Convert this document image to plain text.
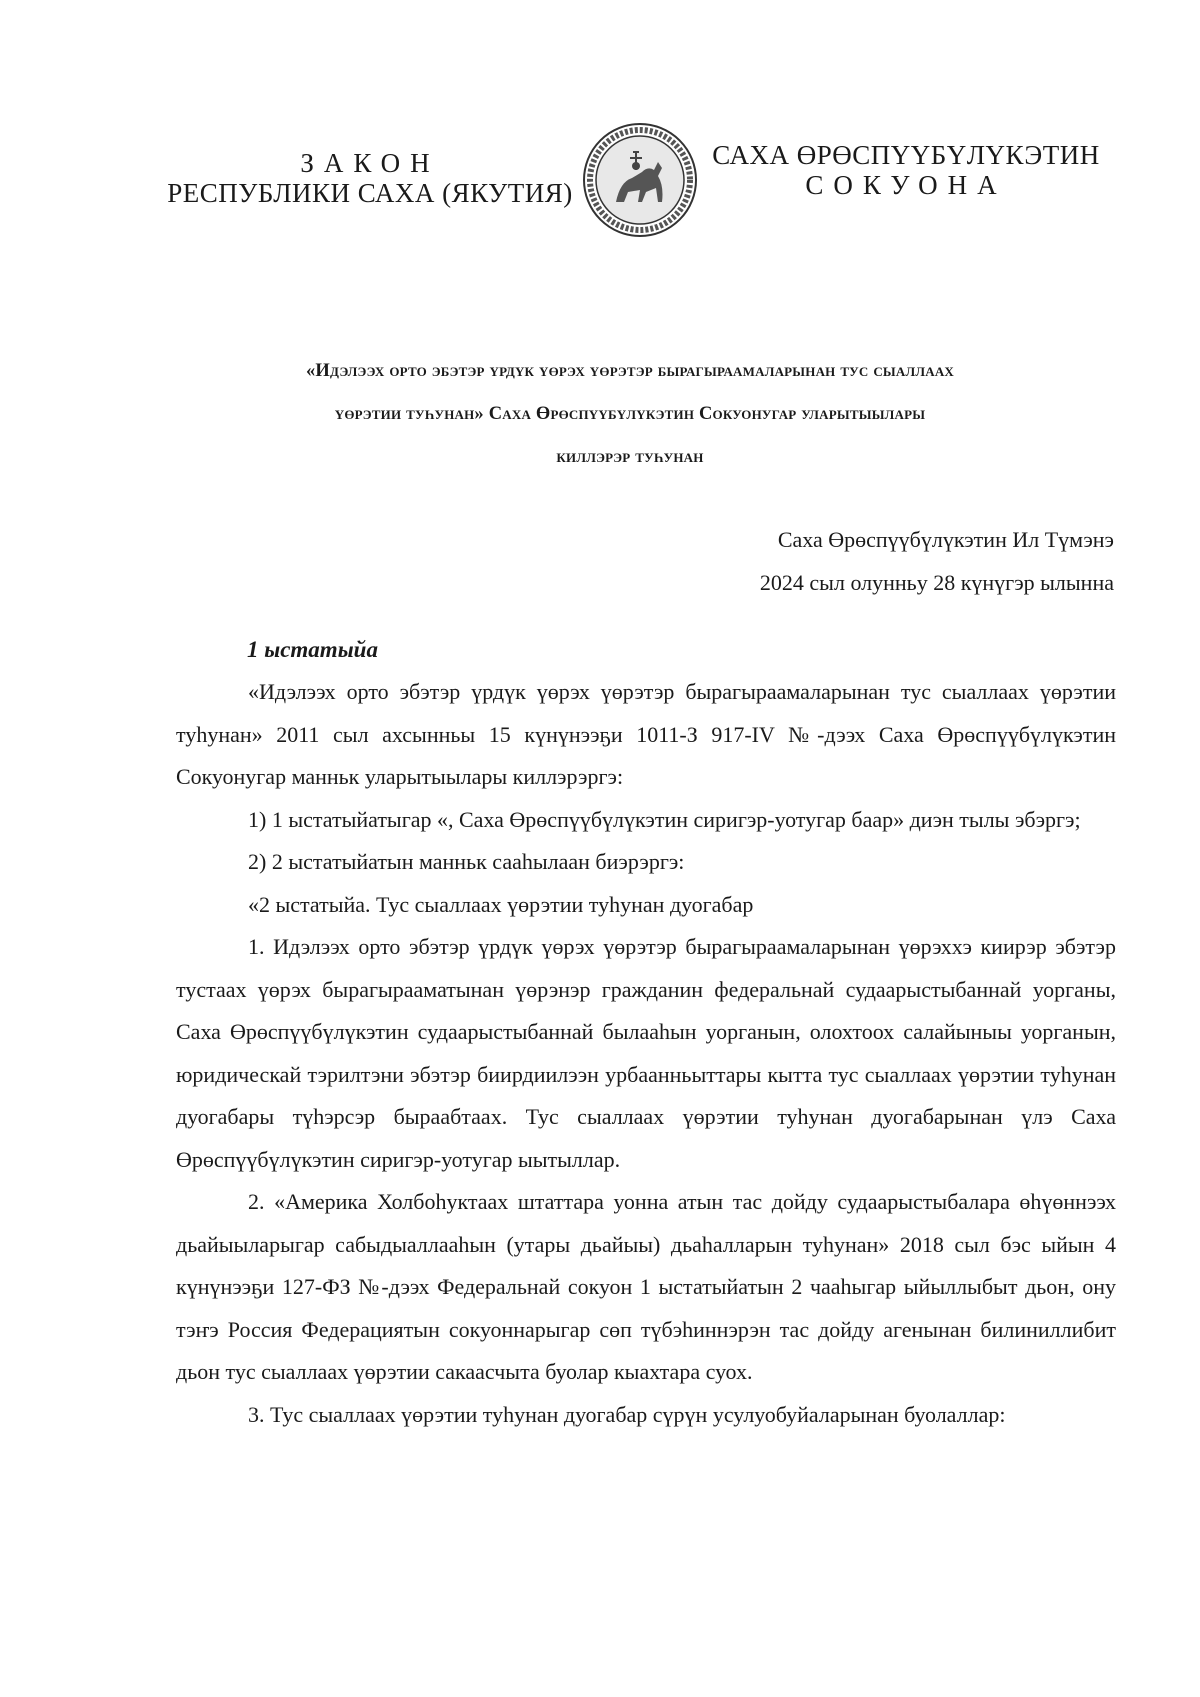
ЗАКОН
РЕСПУБЛИКИ САХА (ЯКУТИЯ)
САХА ӨРӨСПҮҮБҮЛҮКЭТИН
СОКУОНА
«Идэлээх орто эбэтэр үрдүк үөрэх үөрэтэр бырагыраамаларынан тус сыаллаах
үөрэтии туһунан» Саха Өрөспүүбүлүкэтин Сокуонугар уларытыылары
киллэрэр туһунан
Саха Өрөспүүбүлүкэтин Ил Түмэнэ
2024 сыл олунньу 28 күнүгэр ылынна
1 ыстатыйа

«Идэлээх орто эбэтэр үрдүк үөрэх үөрэтэр бырагыраамаларынан тус сыаллаах үөрэтии туһунан» 2011 сыл ахсынньы 15 күнүнээҕи 1011-З 917-IV №-дээх Саха Өрөспүүбүлүкэтин Сокуонугар манньк уларытыылары киллэрэргэ:

1) 1 ыстатыйатыгар «, Саха Өрөспүүбүлүкэтин сиригэр-уотугар баар» диэн тылы эбэргэ;

2) 2 ыстатыйатын манньк сааһылаан биэрэргэ:

«2 ыстатыйа. Тус сыаллаах үөрэтии туһунан дуогабар

1. Идэлээх орто эбэтэр үрдүк үөрэх үөрэтэр бырагыраамаларынан үөрэххэ киирэр эбэтэр тустаах үөрэх бырагырааматынан үөрэнэр гражданин федеральнай судаарыстыбаннай уорганы, Саха Өрөспүүбүлүкэтин судаарыстыбаннай былааһын уорганын, олохтоох салайыныы уорганын, юридическай тэрилтэни эбэтэр биирдиилээн урбаанньыттары кытта тус сыаллаах үөрэтии туһунан дуогабары түһэрсэр быраабтаах. Тус сыаллаах үөрэтии туһунан дуогабарынан үлэ Саха Өрөспүүбүлүкэтин сиригэр-уотугар ыытыллар.

2. «Америка Холбоһуктаах штаттара уонна атын тас дойду судаарыстыбалара өһүөннээх дьайыыларыгар сабыдыаллааһын (утары дьайыы) дьаһалларын туһунан» 2018 сыл бэс ыйын 4 күнүнээҕи 127-ФЗ №-дээх Федеральнай сокуон 1 ыстатыйатын 2 чааһыгар ыйыллыбыт дьон, ону тэҥэ Россия Федерациятын сокуоннарыгар сөп түбэһиннэрэн тас дойду агенынан билиниллибит дьон тус сыаллаах үөрэтии сакаасчыта буолар кыахтара суох.

3. Тус сыаллаах үөрэтии туһунан дуогабар сүрүн усулуобуйаларынан буолаллар:
